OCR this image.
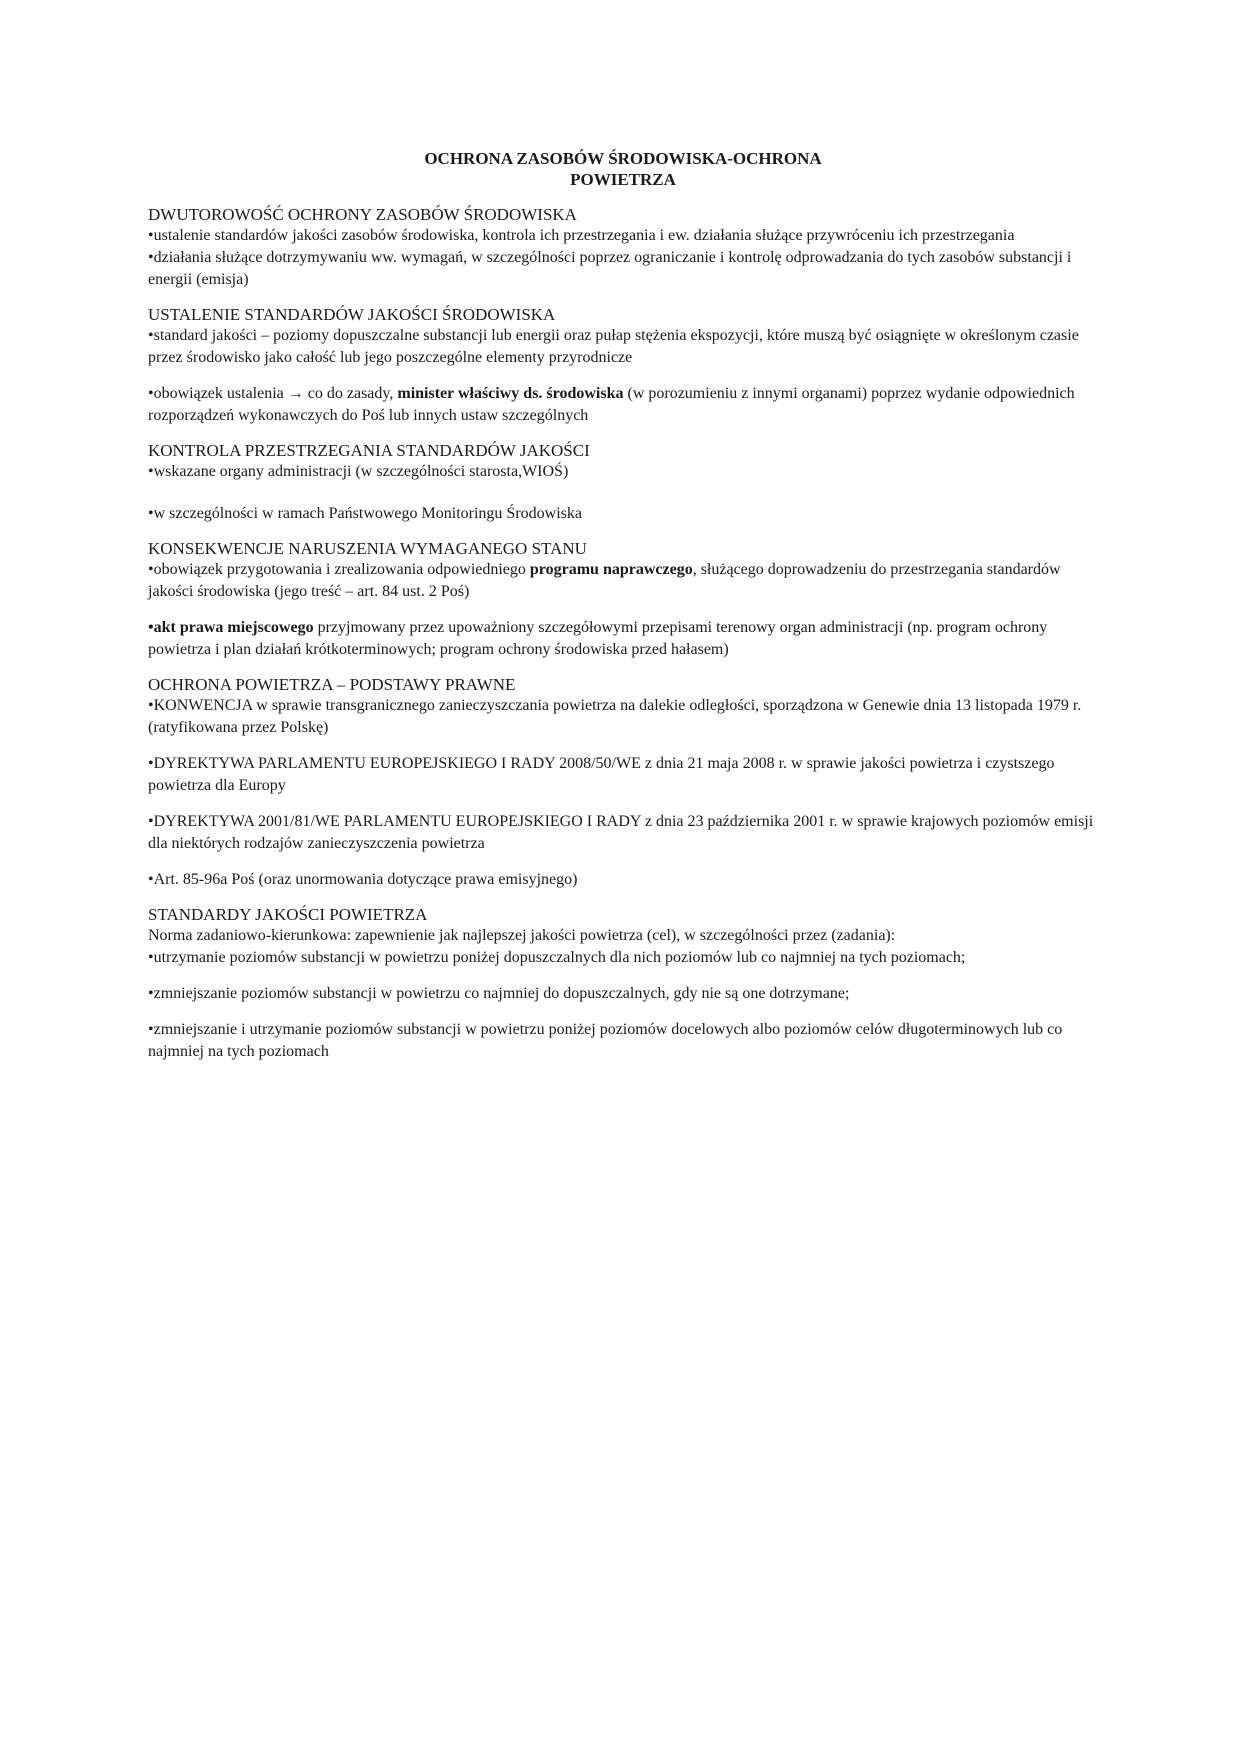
OCHRONA ZASOBÓW ŚRODOWISKA-OCHRONA
POWIETRZA
DWUTOROWOŚĆ OCHRONY ZASOBÓW ŚRODOWISKA
•ustalenie standardów jakości zasobów środowiska, kontrola ich przestrzegania i ew. działania służące przywróceniu ich przestrzegania
•działania służące dotrzymywaniu ww. wymagań, w szczególności poprzez ograniczanie i kontrolę odprowadzania do tych zasobów substancji i energii (emisja)
USTALENIE STANDARDÓW JAKOŚCI ŚRODOWISKA
•standard jakości – poziomy dopuszczalne substancji lub energii oraz pułap stężenia ekspozycji, które muszą być osiągnięte w określonym czasie przez środowisko jako całość lub jego poszczególne elementy przyrodnicze
•obowiązek ustalenia → co do zasady, minister właściwy ds. środowiska (w porozumieniu z innymi organami) poprzez wydanie odpowiednich rozporządzeń wykonawczych do Poś lub innych ustaw szczególnych
KONTROLA PRZESTRZEGANIA STANDARDÓW JAKOŚCI
•wskazane organy administracji (w szczególności starosta,WIOŚ)
•w szczególności w ramach Państwowego Monitoringu Środowiska
KONSEKWENCJE NARUSZENIA WYMAGANEGO STANU
•obowiązek przygotowania i zrealizowania odpowiedniego programu naprawczego, służącego doprowadzeniu do przestrzegania standardów jakości środowiska (jego treść – art. 84 ust. 2 Poś)
•akt prawa miejscowego przyjmowany przez upoważniony szczegółowymi przepisami terenowy organ administracji (np. program ochrony powietrza i plan działań krótkoterminowych; program ochrony środowiska przed hałasem)
OCHRONA POWIETRZA – PODSTAWY PRAWNE
•KONWENCJA w sprawie transgranicznego zanieczyszczania powietrza na dalekie odległości, sporządzona w Genewie dnia 13 listopada 1979 r. (ratyfikowana przez Polskę)
•DYREKTYWA PARLAMENTU EUROPEJSKIEGO I RADY 2008/50/WE z dnia 21 maja 2008 r. w sprawie jakości powietrza i czystszego powietrza dla Europy
•DYREKTYWA 2001/81/WE PARLAMENTU EUROPEJSKIEGO I RADY z dnia 23 października 2001 r. w sprawie krajowych poziomów emisji dla niektórych rodzajów zanieczyszczenia powietrza
•Art. 85-96a Poś (oraz unormowania dotyczące prawa emisyjnego)
STANDARDY JAKOŚCI POWIETRZA
Norma zadaniowo-kierunkowa: zapewnienie jak najlepszej jakości powietrza (cel), w szczególności przez (zadania):
•utrzymanie poziomów substancji w powietrzu poniżej dopuszczalnych dla nich poziomów lub co najmniej na tych poziomach;
•zmniejszanie poziomów substancji w powietrzu co najmniej do dopuszczalnych, gdy nie są one dotrzymane;
•zmniejszanie i utrzymanie poziomów substancji w powietrzu poniżej poziomów docelowych albo poziomów celów długoterminowych lub co najmniej na tych poziomach
